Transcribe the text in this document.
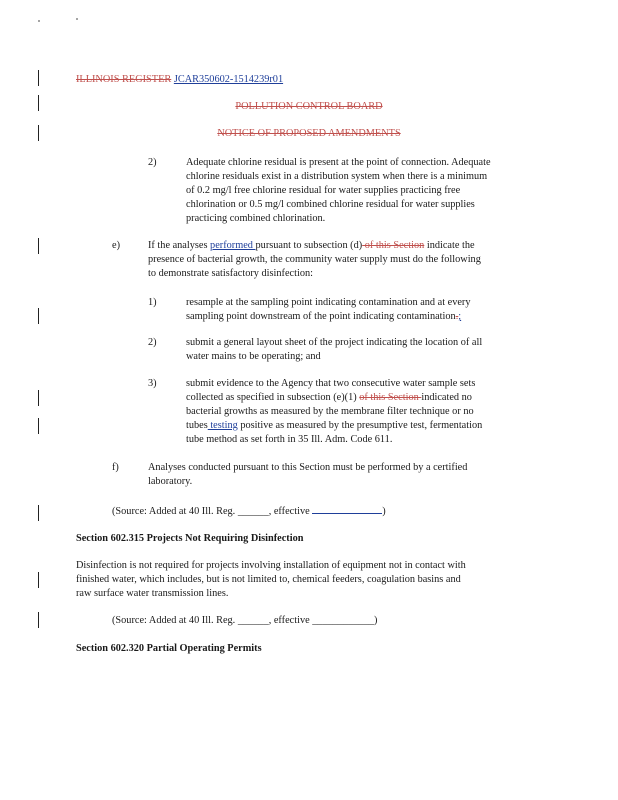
ILLINOIS REGISTER JCAR350602-1514239r01
POLLUTION CONTROL BOARD
NOTICE OF PROPOSED AMENDMENTS
2)	Adequate chlorine residual is present at the point of connection. Adequate
chlorine residuals exist in a distribution system when there is a minimum
of 0.2 mg/l free chlorine residual for water supplies practicing free
chlorination or 0.5 mg/l combined chlorine residual for water supplies
practicing combined chlorination.
e)	If the analyses performed pursuant to subsection (d) of this Section indicate the
presence of bacterial growth, the community water supply must do the following
to demonstrate satisfactory disinfection:
1)	resample at the sampling point indicating contamination and at every
sampling point downstream of the point indicating contamination.;
2)	submit a general layout sheet of the project indicating the location of all
water mains to be operating; and
3)	submit evidence to the Agency that two consecutive water sample sets
collected as specified in subsection (e)(1) of this Section indicated no
bacterial growths as measured by the membrane filter technique or no
tubes testing positive as measured by the presumptive test, fermentation
tube method as set forth in 35 Ill. Adm. Code 611.
f)	Analyses conducted pursuant to this Section must be performed by a certified
laboratory.
(Source: Added at 40 Ill. Reg. ______, effective	)
Section 602.315 Projects Not Requiring Disinfection
Disinfection is not required for projects involving installation of equipment not in contact with
finished water, which includes, but is not limited to, chemical feeders, coagulation basins and
raw surface water transmission lines.
(Source: Added at 40 Ill. Reg. ______, effective ____________)
Section 602.320 Partial Operating Permits
